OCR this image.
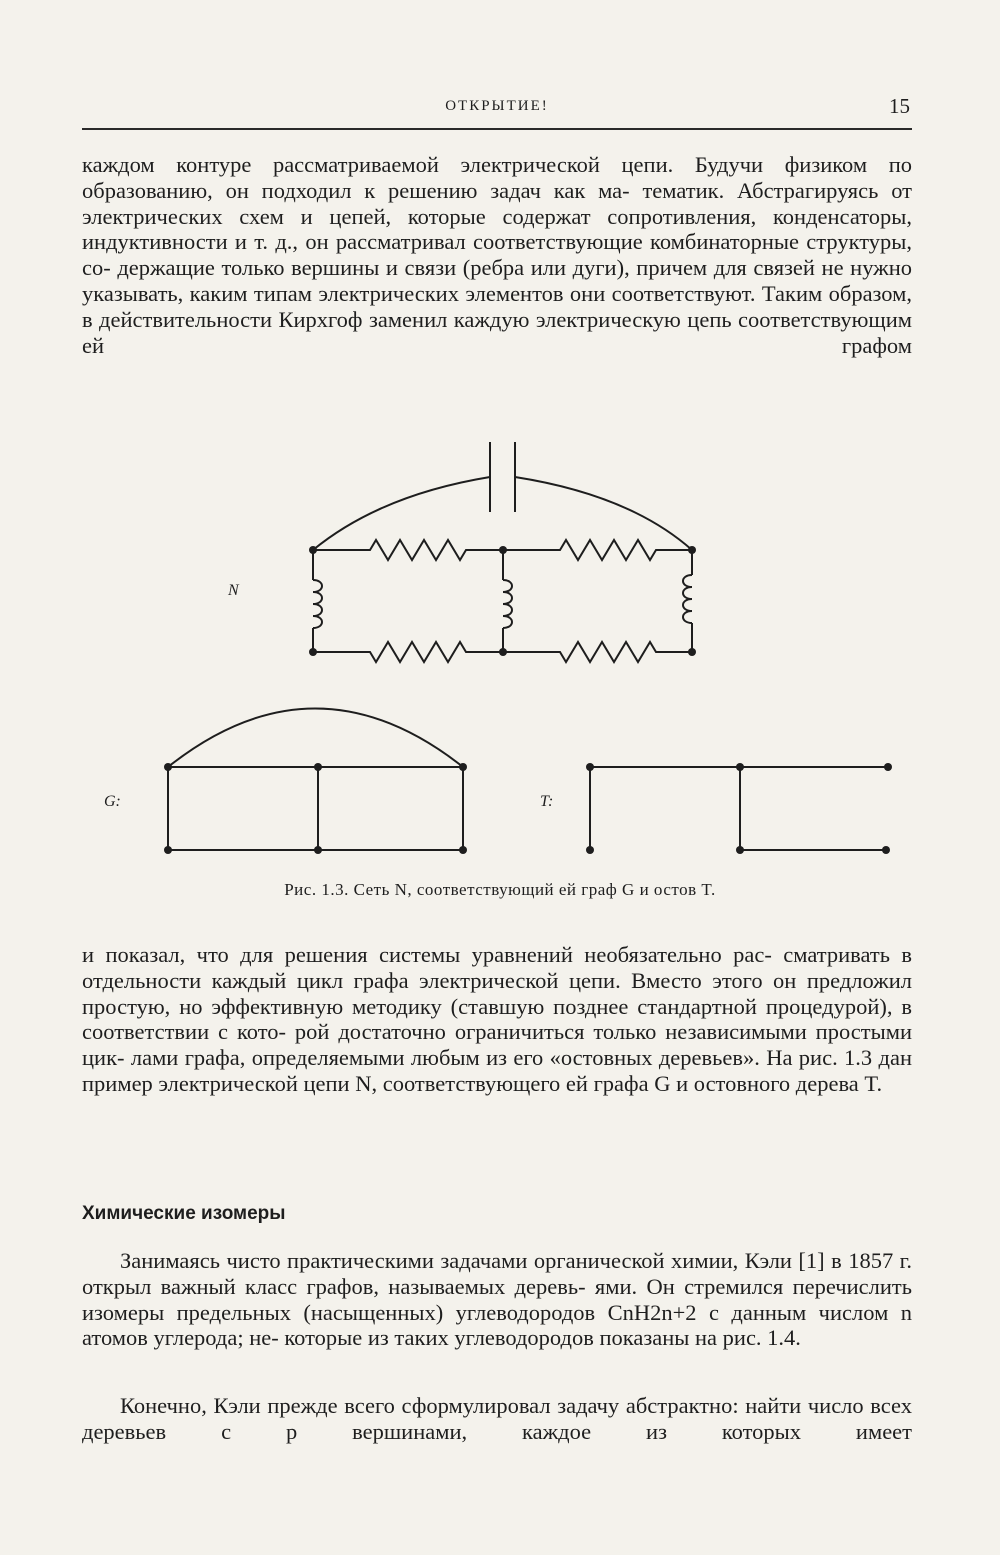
ОТКРЫТИЕ!	15

каждом контуре рассматриваемой электрической цепи. Будучи физиком по образованию, он подходил к решению задач как ма- тематик. Абстрагируясь от электрических схем и цепей, которые содержат сопротивления, конденсаторы, индуктивности и т. д., он рассматривал соответствующие комбинаторные структуры, со- держащие только вершины и связи (ребра или дуги), причем для связей не нужно указывать, каким типам электрических элементов они соответствуют. Таким образом, в действительности Кирхгоф заменил каждую электрическую цепь соответствующим ей графом

N
G:	T:

Рис. 1.3. Сеть N, соответствующий ей граф G и остов T.

и показал, что для решения системы уравнений необязательно рас- сматривать в отдельности каждый цикл графа электрической цепи. Вместо этого он предложил простую, но эффективную методику (ставшую позднее стандартной процедурой), в соответствии с кото- рой достаточно ограничиться только независимыми простыми цик- лами графа, определяемыми любым из его «остовных деревьев». На рис. 1.3 дан пример электрической цепи N, соответствующего ей графа G и остовного дерева T.

Химические изомеры

Занимаясь чисто практическими задачами органической химии, Кэли [1] в 1857 г. открыл важный класс графов, называемых деревь- ями. Он стремился перечислить изомеры предельных (насыщенных) углеводородов CnH2n+2 с данным числом n атомов углерода; не- которые из таких углеводородов показаны на рис. 1.4.

Конечно, Кэли прежде всего сформулировал задачу абстрактно: найти число всех деревьев с p вершинами, каждое из которых имеет
